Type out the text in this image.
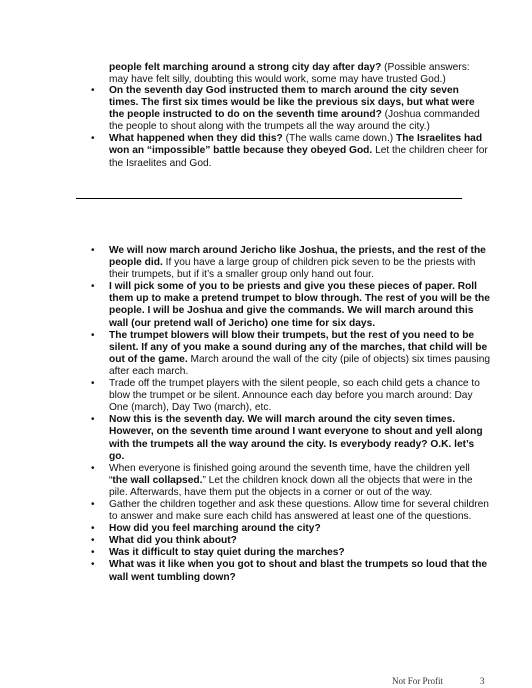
people felt marching around a strong city day after day? (Possible answers: may have felt silly, doubting this would work, some may have trusted God.)
•	On the seventh day God instructed them to march around the city seven times. The first six times would be like the previous six days, but what were the people instructed to do on the seventh time around? (Joshua commanded the people to shout along with the trumpets all the way around the city.)
•	What happened when they did this? (The walls came down.) The Israelites had won an “impossible” battle because they obeyed God. Let the children cheer for the Israelites and God.
•	We will now march around Jericho like Joshua, the priests, and the rest of the people did. If you have a large group of children pick seven to be the priests with their trumpets, but if it’s a smaller group only hand out four.
•	I will pick some of you to be priests and give you these pieces of paper. Roll them up to make a pretend trumpet to blow through. The rest of you will be the people. I will be Joshua and give the commands. We will march around this wall (our pretend wall of Jericho) one time for six days.
•	The trumpet blowers will blow their trumpets, but the rest of you need to be silent. If any of you make a sound during any of the marches, that child will be out of the game. March around the wall of the city (pile of objects) six times pausing after each march.
•	Trade off the trumpet players with the silent people, so each child gets a chance to blow the trumpet or be silent. Announce each day before you march around: Day One (march), Day Two (march), etc.
•	Now this is the seventh day. We will march around the city seven times. However, on the seventh time around I want everyone to shout and yell along with the trumpets all the way around the city. Is everybody ready? O.K. let’s go.
•	When everyone is finished going around the seventh time, have the children yell “the wall collapsed.” Let the children knock down all the objects that were in the pile. Afterwards, have them put the objects in a corner or out of the way.
•	Gather the children together and ask these questions. Allow time for several children to answer and make sure each child has answered at least one of the questions.
•	How did you feel marching around the city?
•	What did you think about?
•	Was it difficult to stay quiet during the marches?
•	What was it like when you got to shout and blast the trumpets so loud that the wall went tumbling down?
Not For Profit	3
